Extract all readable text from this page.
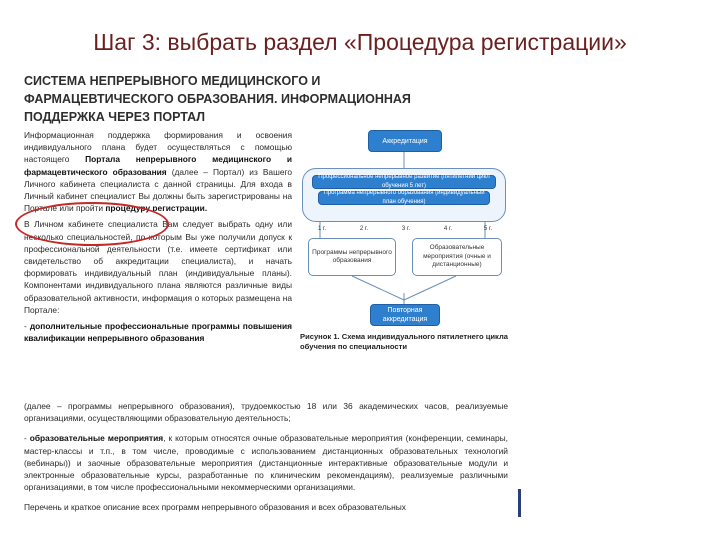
Шаг 3: выбрать раздел «Процедура регистрации»
СИСТЕМА НЕПРЕРЫВНОГО МЕДИЦИНСКОГО И
ФАРМАЦЕВТИЧЕСКОГО ОБРАЗОВАНИЯ. ИНФОРМАЦИОННАЯ
ПОДДЕРЖКА ЧЕРЕЗ ПОРТАЛ

Информационная поддержка формирования и освоения индивидуального плана будет осуществляться с помощью настоящего Портала непрерывного медицинского и фармацевтического образования (далее – Портал) из Вашего Личного кабинета специалиста с данной страницы. Для входа в Личный кабинет специалист Вы должны быть зарегистрированы на Портале или пройти процедуру регистрации.

В Личном кабинете специалиста Вам следует выбрать одну или несколько специальностей, по которым Вы уже получили допуск к профессиональной деятельности (т.е. имеете сертификат или свидетельство об аккредитации специалиста), и начать формировать индивидуальный план (индивидуальные планы). Компонентами индивидуального плана являются различные виды образовательной активности, информация о которых размещена на Портале:

- дополнительные профессиональные программы повышения квалификации непрерывного образования

(далее – программы непрерывного образования), трудоемкостью 18 или 36 академических часов, реализуемые организациями, осуществляющими образовательную деятельность;

- образовательные мероприятия, к которым относятся очные образовательные мероприятия (конференции, семинары, мастер-классы и т.п., в том числе, проводимые с использованием дистанционных образовательных технологий (вебинары)) и заочные образовательные мероприятия (дистанционные интерактивные образовательные модули и электронные образовательные курсы, разработанные по клиническим рекомендациям), реализуемые различными организациями, в том числе профессиональными некоммерческими организациями.

Перечень и краткое описание всех программ непрерывного образования и всех образовательных

Аккредитация
Профессиональное непрерывное развитие (пятилетний цикл обучения 5 лет)
Программа непрерывного образования (индивидуальный план обучения)
1 г.	2 г.	3 г.	4 г.	5 г.
Программы непрерывного образования
Образовательные мероприятия (очные и дистанционные)
Повторная аккредитация
Рисунок 1. Схема индивидуального пятилетнего цикла обучения по специальности
